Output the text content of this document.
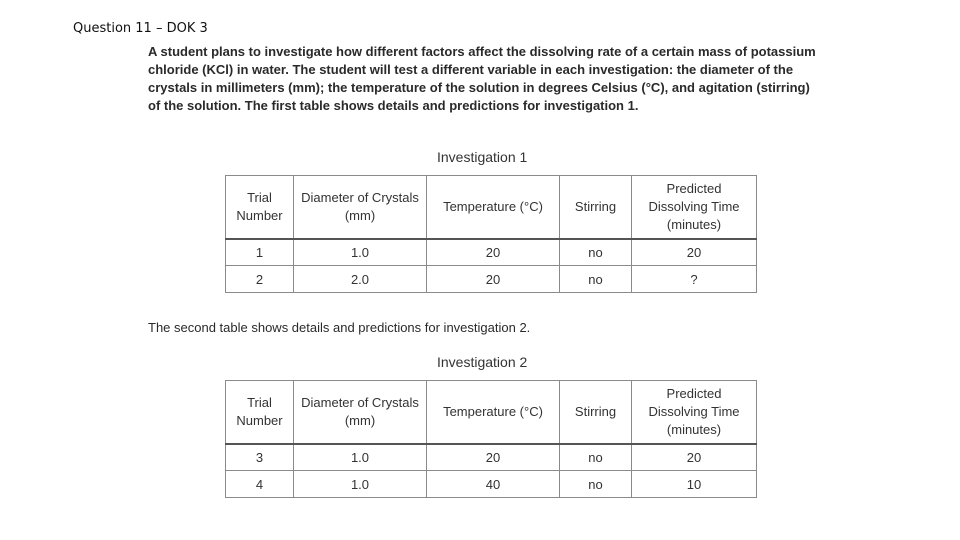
Question 11 – DOK 3

A student plans to investigate how different factors affect the dissolving rate of a certain mass of potassium chloride (KCl) in water. The student will test a different variable in each investigation: the diameter of the crystals in millimeters (mm); the temperature of the solution in degrees Celsius (°C), and agitation (stirring) of the solution. The first table shows details and predictions for investigation 1.

Investigation 1
Trial Number	Diameter of Crystals (mm)	Temperature (°C)	Stirring	Predicted Dissolving Time (minutes)
1	1.0	20	no	20
2	2.0	20	no	?

The second table shows details and predictions for investigation 2.

Investigation 2
Trial Number	Diameter of Crystals (mm)	Temperature (°C)	Stirring	Predicted Dissolving Time (minutes)
3	1.0	20	no	20
4	1.0	40	no	10
